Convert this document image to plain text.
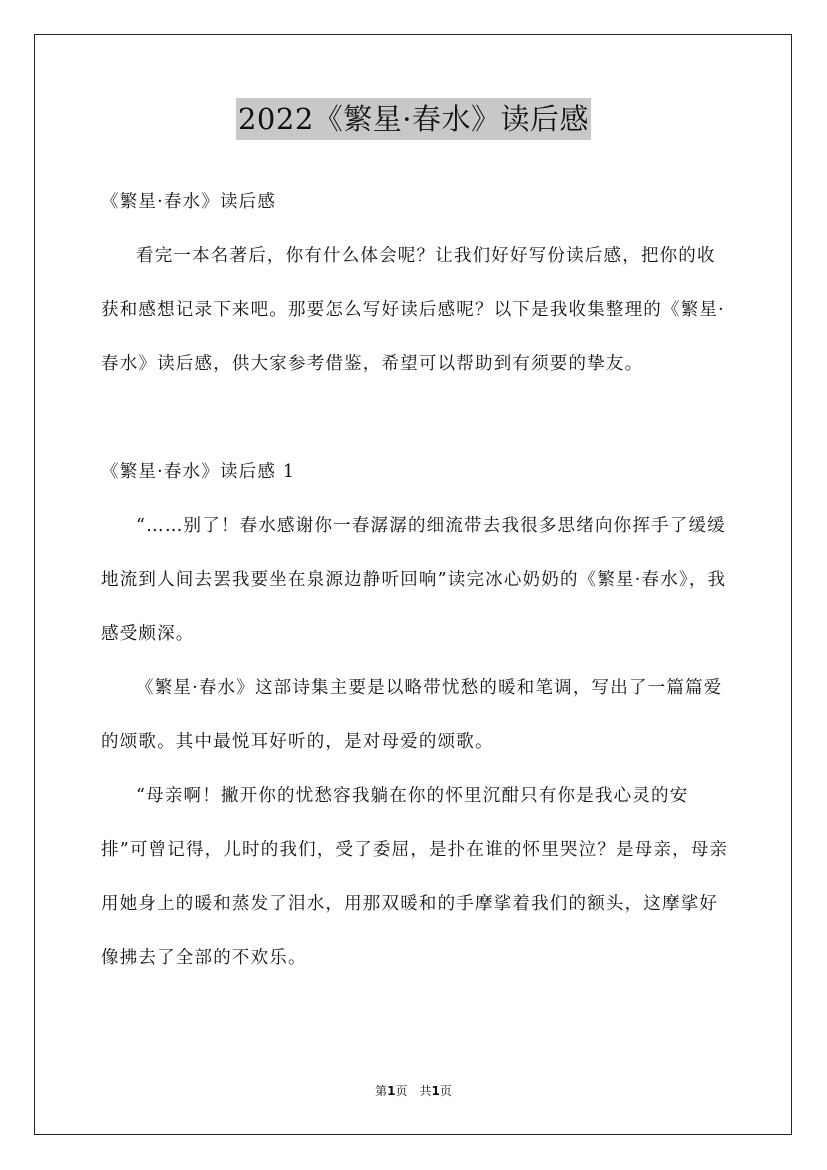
2022《繁星·春水》读后感

《繁星·春水》读后感

看完一本名著后，你有什么体会呢？让我们好好写份读后感，把你的收获和感想记录下来吧。那要怎么写好读后感呢？以下是我收集整理的《繁星·春水》读后感，供大家参考借鉴，希望可以帮助到有须要的挚友。

《繁星·春水》读后感 1

“……别了！春水感谢你一春潺潺的细流带去我很多思绪向你挥手了缓缓地流到人间去罢我要坐在泉源边静听回响”读完冰心奶奶的《繁星·春水》，我感受颇深。

《繁星·春水》这部诗集主要是以略带忧愁的暖和笔调，写出了一篇篇爱的颂歌。其中最悦耳好听的，是对母爱的颂歌。

“母亲啊！撇开你的忧愁容我躺在你的怀里沉酣只有你是我心灵的安排”可曾记得，儿时的我们，受了委屈，是扑在谁的怀里哭泣？是母亲，母亲用她身上的暖和蒸发了泪水，用那双暖和的手摩挲着我们的额头，这摩挲好像拂去了全部的不欢乐。

第1页　共1页
